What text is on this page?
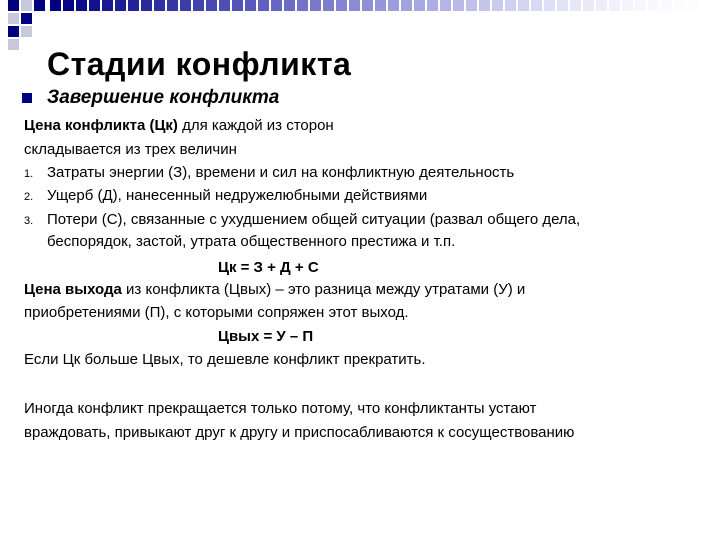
Стадии конфликта
Завершение конфликта
Цена конфликта (Цк) для каждой из сторон
складывается из трех величин
1. Затраты энергии (З), времени и сил на конфликтную деятельность
2. Ущерб (Д), нанесенный недружелюбными действиями
3. Потери (С), связанные с ухудшением общей ситуации (развал общего дела,
беспорядок, застой, утрата общественного престижа и т.п.
Цк = З + Д + С
Цена выхода из конфликта (Цвых) – это разница между утратами (У) и
приобретениями (П), с которыми сопряжен этот выход.
Цвых = У – П
Если Цк больше Цвых, то дешевле конфликт прекратить.
Иногда конфликт прекращается только потому, что конфликтанты устают
враждовать, привыкают друг к другу и приспосабливаются к сосуществованию
